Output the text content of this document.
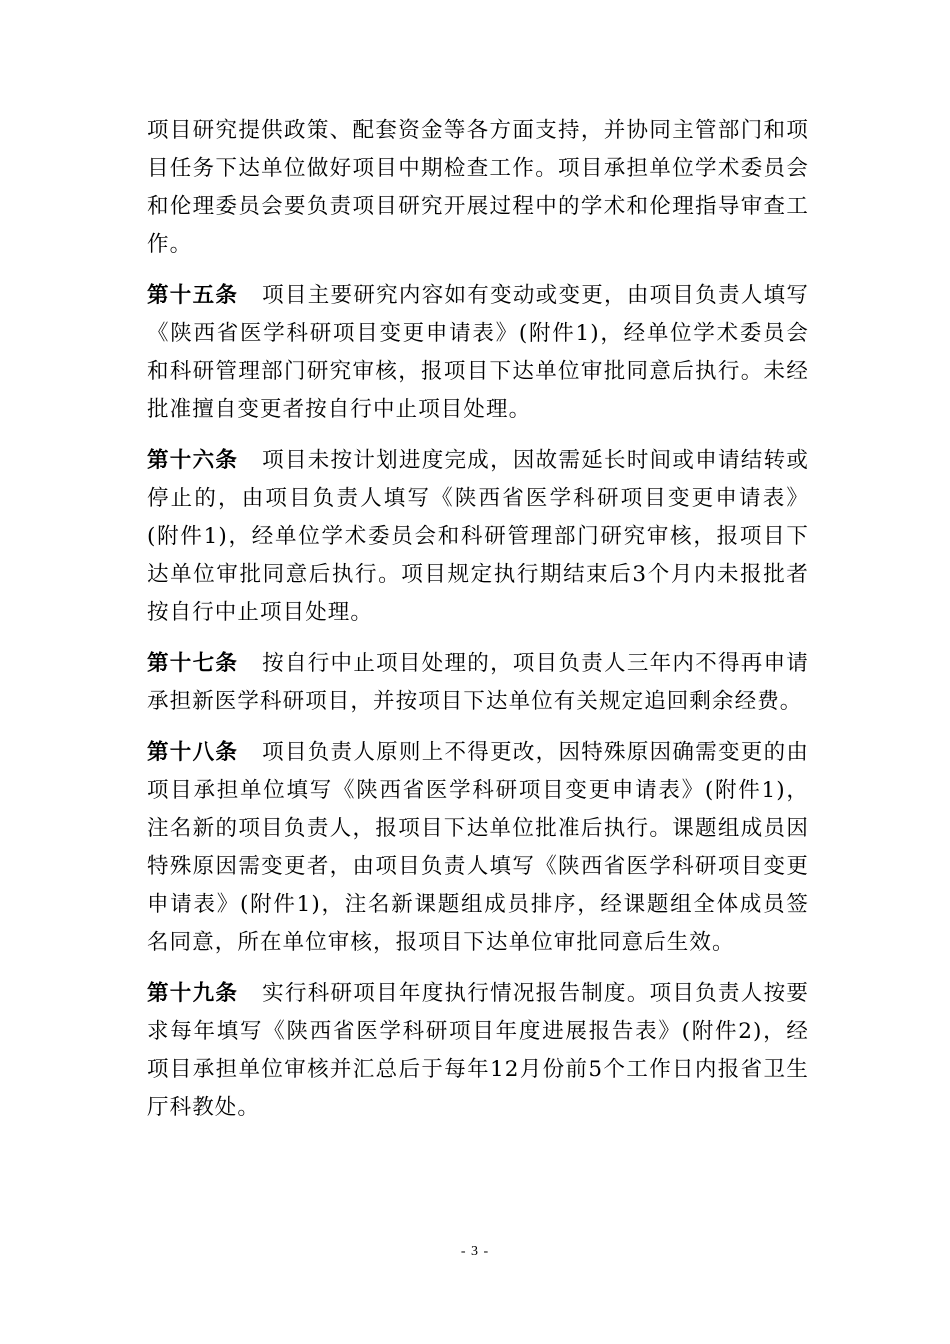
项目研究提供政策、配套资金等各方面支持，并协同主管部门和项目任务下达单位做好项目中期检查工作。项目承担单位学术委员会和伦理委员会要负责项目研究开展过程中的学术和伦理指导审查工作。

第十五条 项目主要研究内容如有变动或变更，由项目负责人填写《陕西省医学科研项目变更申请表》(附件1)，经单位学术委员会和科研管理部门研究审核，报项目下达单位审批同意后执行。未经批准擅自变更者按自行中止项目处理。

第十六条 项目未按计划进度完成，因故需延长时间或申请结转或停止的，由项目负责人填写《陕西省医学科研项目变更申请表》(附件1)，经单位学术委员会和科研管理部门研究审核，报项目下达单位审批同意后执行。项目规定执行期结束后3个月内未报批者按自行中止项目处理。

第十七条 按自行中止项目处理的，项目负责人三年内不得再申请承担新医学科研项目，并按项目下达单位有关规定追回剩余经费。

第十八条 项目负责人原则上不得更改，因特殊原因确需变更的由项目承担单位填写《陕西省医学科研项目变更申请表》(附件1)，注名新的项目负责人，报项目下达单位批准后执行。课题组成员因特殊原因需变更者，由项目负责人填写《陕西省医学科研项目变更申请表》(附件1)，注名新课题组成员排序，经课题组全体成员签名同意，所在单位审核，报项目下达单位审批同意后生效。

第十九条 实行科研项目年度执行情况报告制度。项目负责人按要求每年填写《陕西省医学科研项目年度进展报告表》(附件2)，经项目承担单位审核并汇总后于每年12月份前5个工作日内报省卫生厅科教处。

- 3 -
